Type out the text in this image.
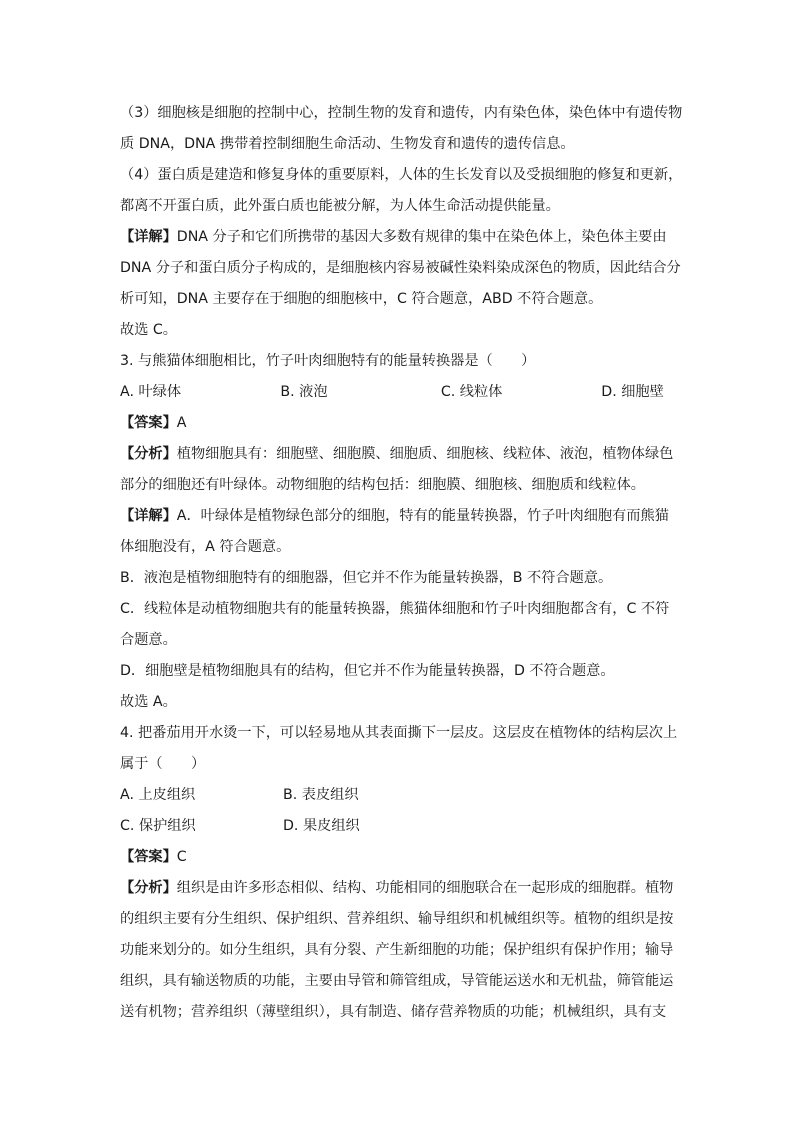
（3）细胞核是细胞的控制中心，控制生物的发育和遗传，内有染色体，染色体中有遗传物
质 DNA，DNA 携带着控制细胞生命活动、生物发育和遗传的遗传信息。
（4）蛋白质是建造和修复身体的重要原料，人体的生长发育以及受损细胞的修复和更新，
都离不开蛋白质，此外蛋白质也能被分解，为人体生命活动提供能量。
【详解】DNA 分子和它们所携带的基因大多数有规律的集中在染色体上，染色体主要由
DNA 分子和蛋白质分子构成的，是细胞核内容易被碱性染料染成深色的物质，因此结合分
析可知，DNA 主要存在于细胞的细胞核中，C 符合题意，ABD 不符合题意。
故选 C。
3. 与熊猫体细胞相比，竹子叶肉细胞特有的能量转换器是（　　）
A. 叶绿体	B. 液泡	C. 线粒体	D. 细胞壁
【答案】A
【分析】植物细胞具有：细胞壁、细胞膜、细胞质、细胞核、线粒体、液泡，植物体绿色
部分的细胞还有叶绿体。动物细胞的结构包括：细胞膜、细胞核、细胞质和线粒体。
【详解】A．叶绿体是植物绿色部分的细胞，特有的能量转换器，竹子叶肉细胞有而熊猫
体细胞没有，A 符合题意。
B．液泡是植物细胞特有的细胞器，但它并不作为能量转换器，B 不符合题意。
C．线粒体是动植物细胞共有的能量转换器，熊猫体细胞和竹子叶肉细胞都含有，C 不符
合题意。
D．细胞壁是植物细胞具有的结构，但它并不作为能量转换器，D 不符合题意。
故选 A。
4. 把番茄用开水烫一下，可以轻易地从其表面撕下一层皮。这层皮在植物体的结构层次上
属于（　　）
A. 上皮组织	B. 表皮组织
C. 保护组织	D. 果皮组织
【答案】C
【分析】组织是由许多形态相似、结构、功能相同的细胞联合在一起形成的细胞群。植物
的组织主要有分生组织、保护组织、营养组织、输导组织和机械组织等。植物的组织是按
功能来划分的。如分生组织，具有分裂、产生新细胞的功能；保护组织有保护作用；输导
组织，具有输送物质的功能，主要由导管和筛管组成，导管能运送水和无机盐，筛管能运
送有机物；营养组织（薄壁组织），具有制造、储存营养物质的功能；机械组织，具有支
